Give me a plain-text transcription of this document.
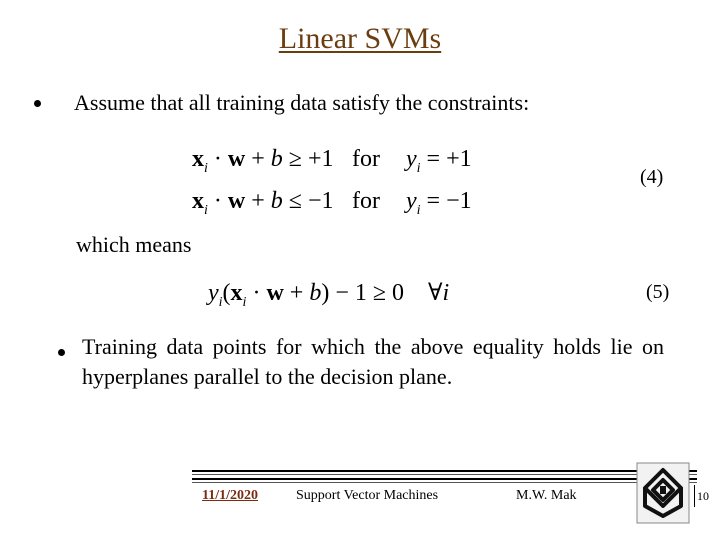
Linear SVMs
Assume that all training data satisfy the constraints:
$x_i \cdot w + b \ge +1$ for $y_i = +1$
$x_i \cdot w + b \le -1$ for $y_i = -1$
(4)
which means
$y_i(x_i \cdot w + b) - 1 \ge 0$ ∀i	(5)
Training data points for which the above equality holds lie on hyperplanes parallel to the decision plane.
11/1/2020	Support Vector Machines	M.W. Mak	10
